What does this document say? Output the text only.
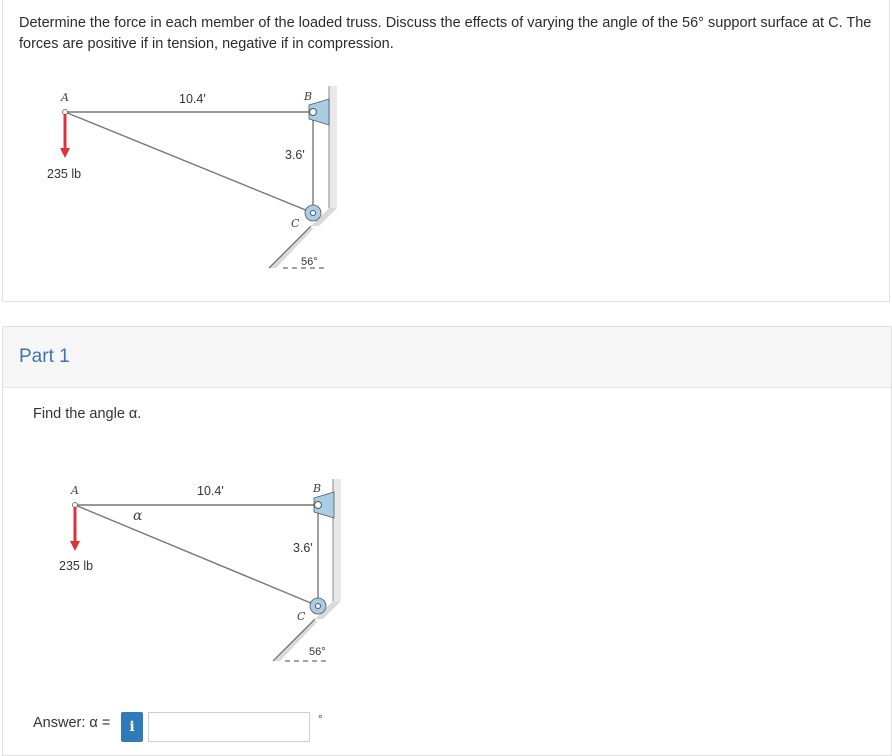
Determine the force in each member of the loaded truss. Discuss the effects of varying the angle of the 56° support surface at C. The forces are positive if in tension, negative if in compression.
A	B
C
10.4'
3.6'
235 lb
56°
Part 1
Find the angle α.
A	B
C
α
10.4'
3.6'
235 lb
56°
Answer: α =	i	°
